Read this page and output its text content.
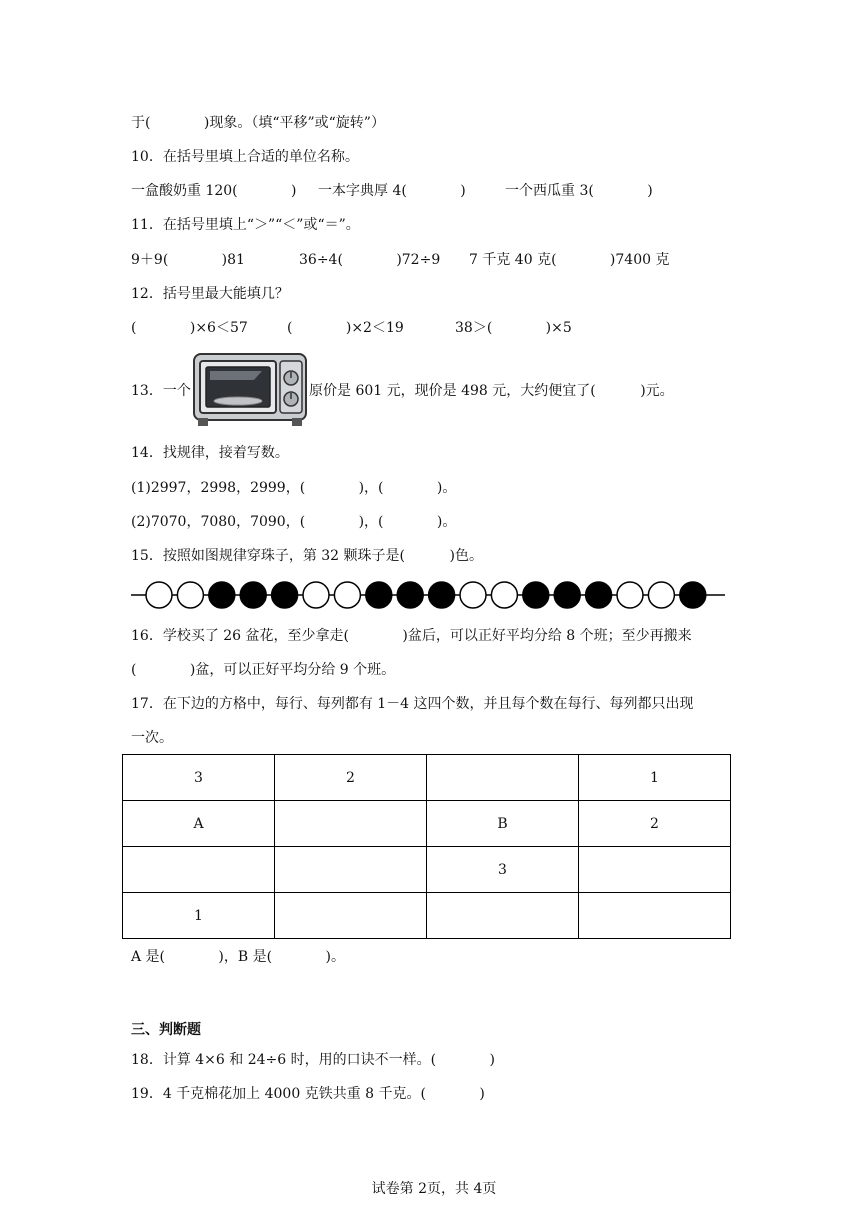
于(            )现象。（填“平移”或“旋转”）
10．在括号里填上合适的单位名称。
一盒酸奶重 120(            ) 一本字典厚 4(            )	一个西瓜重 3(            )
11．在括号里填上“＞”“＜”或“＝”。
9＋9(            )81	36÷4(            )72÷9 7 千克 40 克(            )7400 克
12．括号里最大能填几？
(            )×6＜57	(            )×2＜19	38＞(            )×5
13．一个	原价是 601 元，现价是 498 元，大约便宜了(          )元。
14．找规律，接着写数。
(1)2997，2998，2999，(            )，(            )。
(2)7070，7080，7090，(            )，(            )。
15．按照如图规律穿珠子，第 32 颗珠子是(          )色。
16．学校买了 26 盆花，至少拿走(            )盆后，可以正好平均分给 8 个班；至少再搬来
(            )盆，可以正好平均分给 9 个班。
17．在下边的方格中，每行、每列都有 1－4 这四个数，并且每个数在每行、每列都只出现
一次。
3	2		1
A		B	2
		3	
1			
A 是(            )，B 是(            )。
三、判断题
18．计算 4×6 和 24÷6 时，用的口诀不一样。(            )
19．4 千克棉花加上 4000 克铁共重 8 千克。(            )
试卷第 2页，共 4页
